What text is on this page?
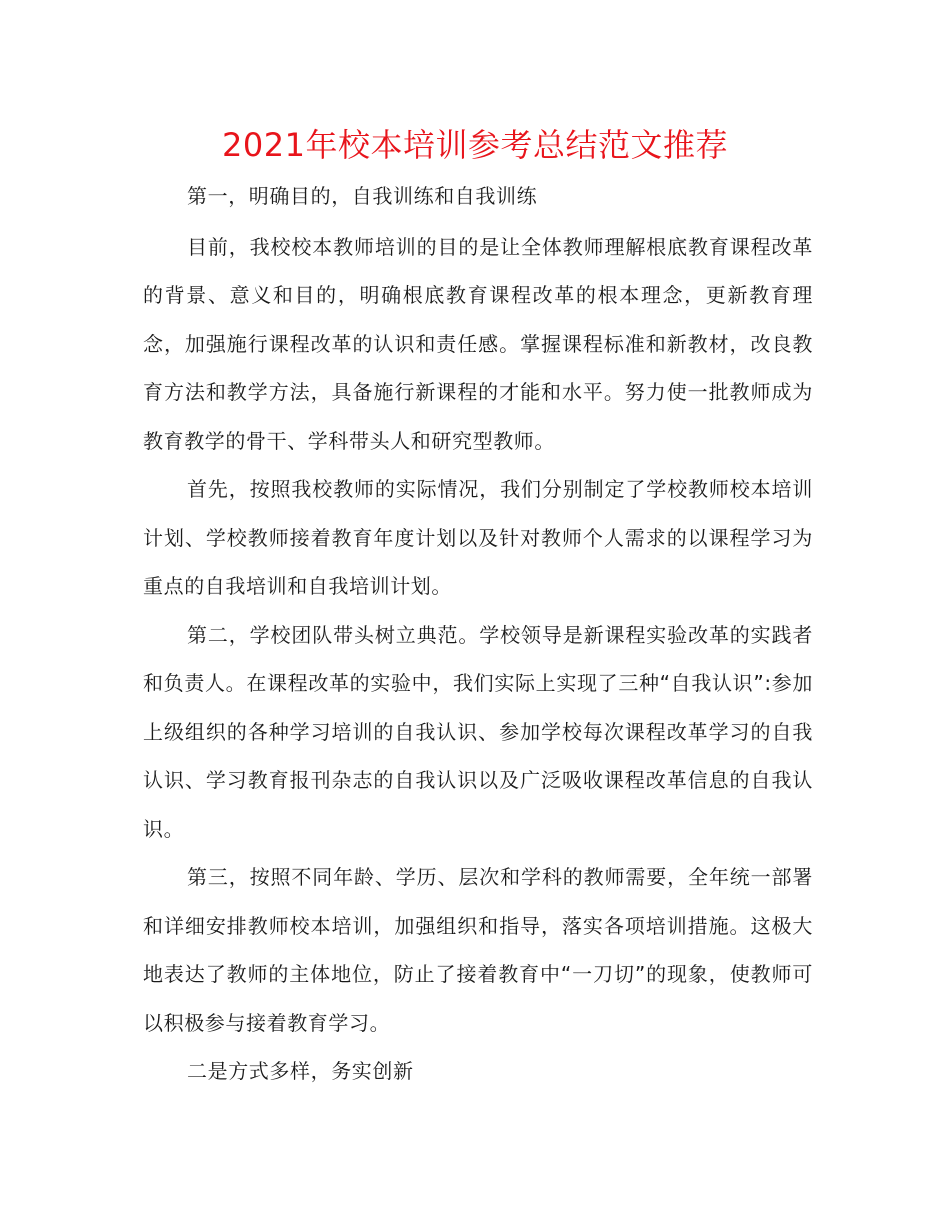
2021年校本培训参考总结范文推荐

第一，明确目的，自我训练和自我训练

目前，我校校本教师培训的目的是让全体教师理解根底教育课程改革的背景、意义和目的，明确根底教育课程改革的根本理念，更新教育理念，加强施行课程改革的认识和责任感。掌握课程标准和新教材，改良教育方法和教学方法，具备施行新课程的才能和水平。努力使一批教师成为教育教学的骨干、学科带头人和研究型教师。

首先，按照我校教师的实际情况，我们分别制定了学校教师校本培训计划、学校教师接着教育年度计划以及针对教师个人需求的以课程学习为重点的自我培训和自我培训计划。

第二，学校团队带头树立典范。学校领导是新课程实验改革的实践者和负责人。在课程改革的实验中，我们实际上实现了三种“自我认识”:参加上级组织的各种学习培训的自我认识、参加学校每次课程改革学习的自我认识、学习教育报刊杂志的自我认识以及广泛吸收课程改革信息的自我认识。

第三，按照不同年龄、学历、层次和学科的教师需要，全年统一部署和详细安排教师校本培训，加强组织和指导，落实各项培训措施。这极大地表达了教师的主体地位，防止了接着教育中“一刀切”的现象，使教师可以积极参与接着教育学习。

二是方式多样，务实创新
